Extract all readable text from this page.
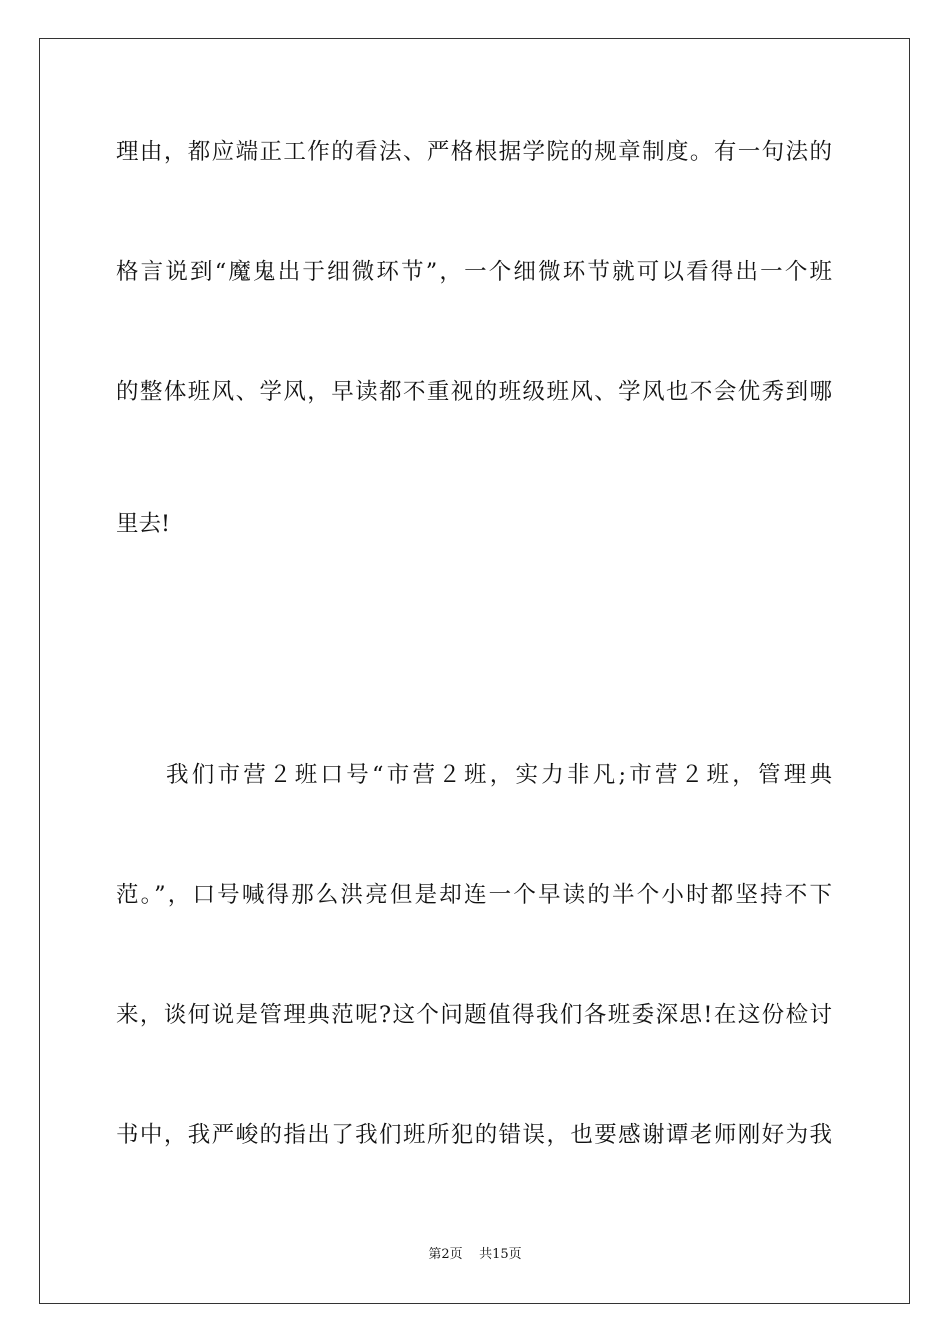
理由，都应端正工作的看法、严格根据学院的规章制度。有一句法的
格言说到“魔鬼出于细微环节”，一个细微环节就可以看得出一个班
的整体班风、学风，早读都不重视的班级班风、学风也不会优秀到哪
里去!
我们市营２班口号“市营２班，实力非凡;市营２班，管理典
范。”，口号喊得那么洪亮但是却连一个早读的半个小时都坚持不下
来，谈何说是管理典范呢?这个问题值得我们各班委深思!在这份检讨
书中，我严峻的指出了我们班所犯的错误，也要感谢谭老师刚好为我
第2页 共15页
